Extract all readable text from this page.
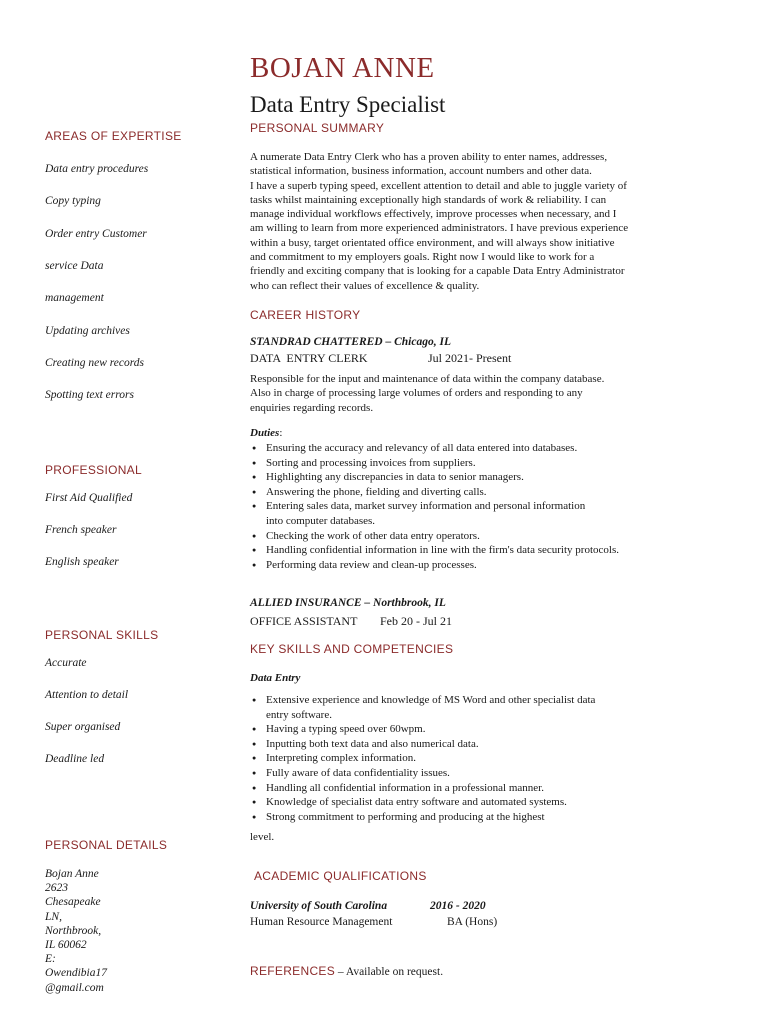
BOJAN ANNE
Data Entry Specialist
AREAS OF EXPERTISE
Data entry procedures
Copy typing
Order entry Customer
service Data
management
Updating archives
Creating new records
Spotting text errors
PROFESSIONAL
First Aid Qualified
French speaker
English speaker
PERSONAL SKILLS
Accurate
Attention to detail
Super organised
Deadline led
PERSONAL DETAILS
Bojan Anne
2623
Chesapeake
LN,
Northbrook,
IL 60062
E:
Owendibia17
@gmail.com
PERSONAL SUMMARY
A numerate Data Entry Clerk who has a proven ability to enter names, addresses,
statistical information, business information, account numbers and other data.
I have a superb typing speed, excellent attention to detail and able to juggle variety of
tasks whilst maintaining exceptionally high standards of work & reliability. I can
manage individual workflows effectively, improve processes when necessary, and I
am willing to learn from more experienced administrators. I have previous experience
within a busy, target orientated office environment, and will always show initiative
and commitment to my employers goals. Right now I would like to work for a
friendly and exciting company that is looking for a capable Data Entry Administrator
who can reflect their values of excellence & quality.
CAREER HISTORY
STANDRAD CHATTERED – Chicago, IL
DATA  ENTRY CLERK	Jul 2021- Present
Responsible for the input and maintenance of data within the company database.
Also in charge of processing large volumes of orders and responding to any
enquiries regarding records.
Duties:
● Ensuring the accuracy and relevancy of all data entered into databases.
● Sorting and processing invoices from suppliers.
● Highlighting any discrepancies in data to senior managers.
● Answering the phone, fielding and diverting calls.
● Entering sales data, market survey information and personal information
into computer databases.
● Checking the work of other data entry operators.
● Handling confidential information in line with the firm's data security protocols.
● Performing data review and clean-up processes.
ALLIED INSURANCE – Northbrook, IL
OFFICE ASSISTANT Feb 20 - Jul 21
KEY SKILLS AND COMPETENCIES
Data Entry
● Extensive experience and knowledge of MS Word and other specialist data
entry software.
● Having a typing speed over 60wpm.
● Inputting both text data and also numerical data.
● Interpreting complex information.
● Fully aware of data confidentiality issues.
● Handling all confidential information in a professional manner.
● Knowledge of specialist data entry software and automated systems.
● Strong commitment to performing and producing at the highest
level.
ACADEMIC QUALIFICATIONS
University of South Carolina	2016 - 2020
Human Resource Management	BA (Hons)
REFERENCES – Available on request.
